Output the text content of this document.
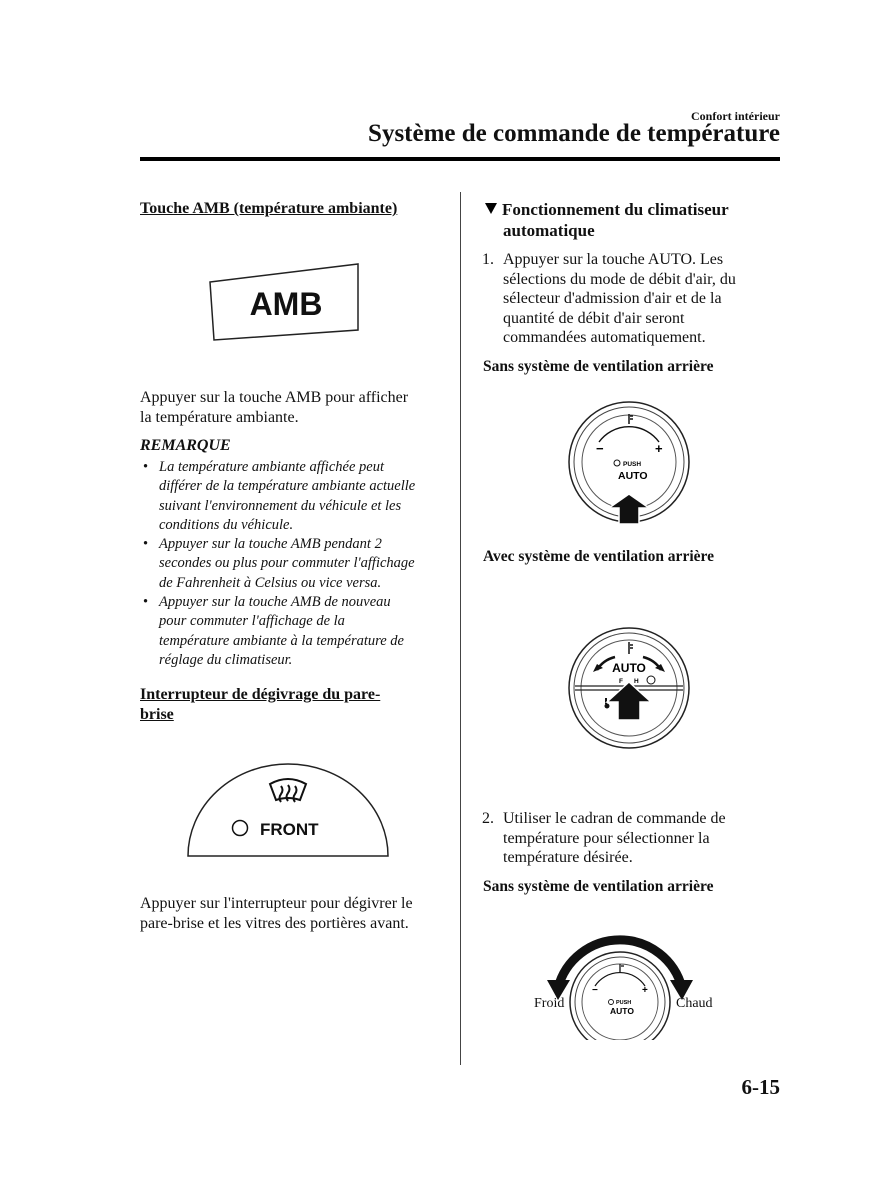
Confort intérieur
Système de commande de température
Touche AMB (température ambiante)
AMB
Appuyer sur la touche AMB pour afficher
la température ambiante.
REMARQUE
• La température ambiante affichée peut
différer de la température ambiante actuelle
suivant l'environnement du véhicule et les
conditions du véhicule.
• Appuyer sur la touche AMB pendant 2
secondes ou plus pour commuter l'affichage
de Fahrenheit à Celsius ou vice versa.
• Appuyer sur la touche AMB de nouveau
pour commuter l'affichage de la
température ambiante à la température de
réglage du climatiseur.
Interrupteur de dégivrage du pare-
brise
FRONT
Appuyer sur l'interrupteur pour dégivrer le
pare-brise et les vitres des portières avant.
Fonctionnement du climatiseur
automatique
1. Appuyer sur la touche AUTO. Les
sélections du mode de débit d'air, du
sélecteur d'admission d'air et de la
quantité de débit d'air seront
commandées automatiquement.
Sans système de ventilation arrière
−	+
PUSH
AUTO
Avec système de ventilation arrière
AUTO
F H
2. Utiliser le cadran de commande de
température pour sélectionner la
température désirée.
Sans système de ventilation arrière
−	+
PUSH
AUTO
Froid	Chaud
6-15
